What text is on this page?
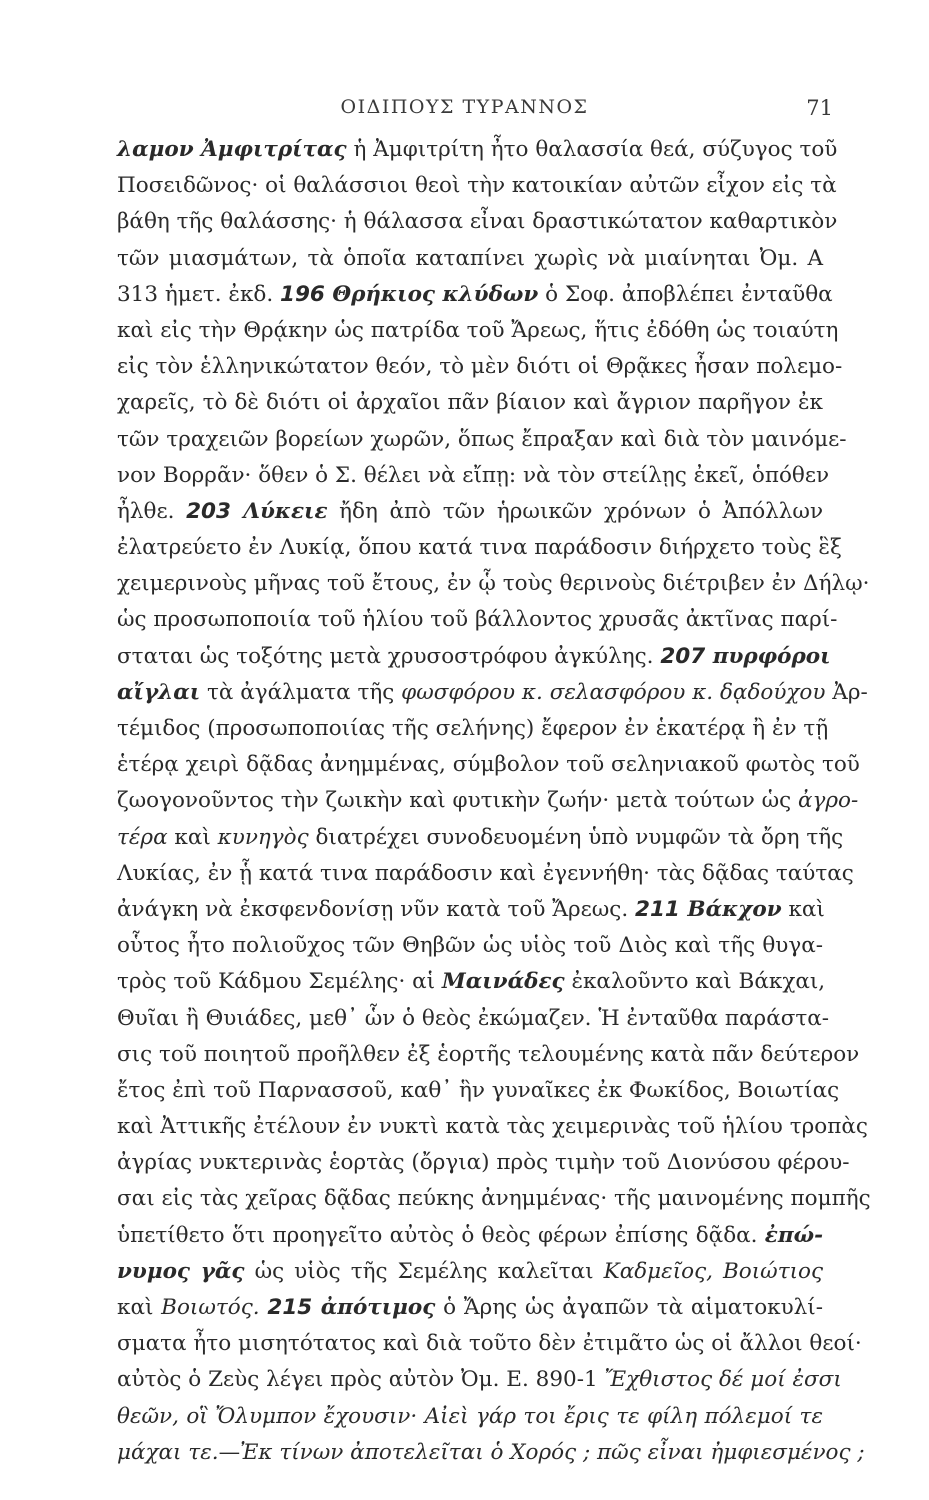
ΟΙΔΙΠΟΥΣ ΤΥΡΑΝΝΟΣ	71
λαμον Ἀμφιτρίτας ἡ Ἀμφιτρίτη ἦτο θαλασσία θεά, σύζυγος τοῦ
Ποσειδῶνος· οἱ θαλάσσιοι θεοὶ τὴν κατοικίαν αὐτῶν εἶχον εἰς τὰ
βάθη τῆς θαλάσσης· ἡ θάλασσα εἶναι δραστικώτατον καθαρτικὸν
τῶν μιασμάτων, τὰ ὁποῖα καταπίνει χωρὶς νὰ μιαίνηται Ὀμ. Α
313 ἡμετ. ἐκδ. 196 Θρήκιος κλύδων ὁ Σοφ. ἀποβλέπει ἐνταῦθα
καὶ εἰς τὴν Θρᾴκην ὡς πατρίδα τοῦ Ἄρεως, ἥτις ἐδόθη ὡς τοιαύτη
εἰς τὸν ἑλληνικώτατον θεόν, τὸ μὲν διότι οἱ Θρᾷκες ἦσαν πολεμο-
χαρεῖς, τὸ δὲ διότι οἱ ἀρχαῖοι πᾶν βίαιον καὶ ἄγριον παρῆγον ἐκ
τῶν τραχειῶν βορείων χωρῶν, ὅπως ἔπραξαν καὶ διὰ τὸν μαινόμε-
νον Βορρᾶν· ὅθεν ὁ Σ. θέλει νὰ εἴπῃ: νὰ τὸν στείλῃς ἐκεῖ, ὁπόθεν
ἦλθε. 203 Λύκειε ἤδη ἀπὸ τῶν ἡρωικῶν χρόνων ὁ Ἀπόλλων
ἐλατρεύετο ἐν Λυκίᾳ, ὅπου κατά τινα παράδοσιν διήρχετο τοὺς ἓξ
χειμερινοὺς μῆνας τοῦ ἔτους, ἐν ᾧ τοὺς θερινοὺς διέτριβεν ἐν Δήλῳ·
ὡς προσωποποιία τοῦ ἡλίου τοῦ βάλλοντος χρυσᾶς ἀκτῖνας παρί-
σταται ὡς τοξότης μετὰ χρυσοστρόφου ἀγκύλης. 207 πυρφόροι
αἴγλαι τὰ ἀγάλματα τῆς φωσφόρου κ. σελασφόρου κ. δᾳδούχου Ἀρ-
τέμιδος (προσωποποιίας τῆς σελήνης) ἔφερον ἐν ἑκατέρᾳ ἢ ἐν τῇ
ἑτέρᾳ χειρὶ δᾷδας ἀνημμένας, σύμβολον τοῦ σεληνιακοῦ φωτὸς τοῦ
ζωογονοῦντος τὴν ζωικὴν καὶ φυτικὴν ζωήν· μετὰ τούτων ὡς ἀγρο-
τέρα καὶ κυνηγὸς διατρέχει συνοδευομένη ὑπὸ νυμφῶν τὰ ὄρη τῆς
Λυκίας, ἐν ᾗ κατά τινα παράδοσιν καὶ ἐγεννήθη· τὰς δᾷδας ταύτας
ἀνάγκη νὰ ἐκσφενδονίσῃ νῦν κατὰ τοῦ Ἄρεως. 211 Βάκχον καὶ
οὗτος ἦτο πολιοῦχος τῶν Θηβῶν ὡς υἱὸς τοῦ Διὸς καὶ τῆς θυγα-
τρὸς τοῦ Κάδμου Σεμέλης· αἱ Μαινάδες ἐκαλοῦντο καὶ Βάκχαι,
Θυῖαι ἢ Θυιάδες, μεθ᾽ ὧν ὁ θεὸς ἐκώμαζεν. Ἡ ἐνταῦθα παράστα-
σις τοῦ ποιητοῦ προῆλθεν ἐξ ἑορτῆς τελουμένης κατὰ πᾶν δεύτερον
ἔτος ἐπὶ τοῦ Παρνασσοῦ, καθ᾽ ἣν γυναῖκες ἐκ Φωκίδος, Βοιωτίας
καὶ Ἀττικῆς ἐτέλουν ἐν νυκτὶ κατὰ τὰς χειμερινὰς τοῦ ἡλίου τροπὰς
ἀγρίας νυκτερινὰς ἑορτὰς (ὄργια) πρὸς τιμὴν τοῦ Διονύσου φέρου-
σαι εἰς τὰς χεῖρας δᾷδας πεύκης ἀνημμένας· τῆς μαινομένης πομπῆς
ὑπετίθετο ὅτι προηγεῖτο αὐτὸς ὁ θεὸς φέρων ἐπίσης δᾷδα. ἐπώ-
νυμος γᾶς ὡς υἱὸς τῆς Σεμέλης καλεῖται Καδμεῖος, Βοιώτιος
καὶ Βοιωτός. 215 ἀπότιμος ὁ Ἄρης ὡς ἀγαπῶν τὰ αἱματοκυλί-
σματα ἦτο μισητότατος καὶ διὰ τοῦτο δὲν ἐτιμᾶτο ὡς οἱ ἄλλοι θεοί·
αὐτὸς ὁ Ζεὺς λέγει πρὸς αὐτὸν Ὀμ. Ε. 890-1 Ἔχθιστος δέ μοί ἐσσι
θεῶν, οἳ Ὄλυμπον ἔχουσιν· Αἰεὶ γάρ τοι ἔρις τε φίλη πόλεμοί τε
μάχαι τε.—Ἐκ τίνων ἀποτελεῖται ὁ Χορός ; πῶς εἶναι ἠμφιεσμένος ;
